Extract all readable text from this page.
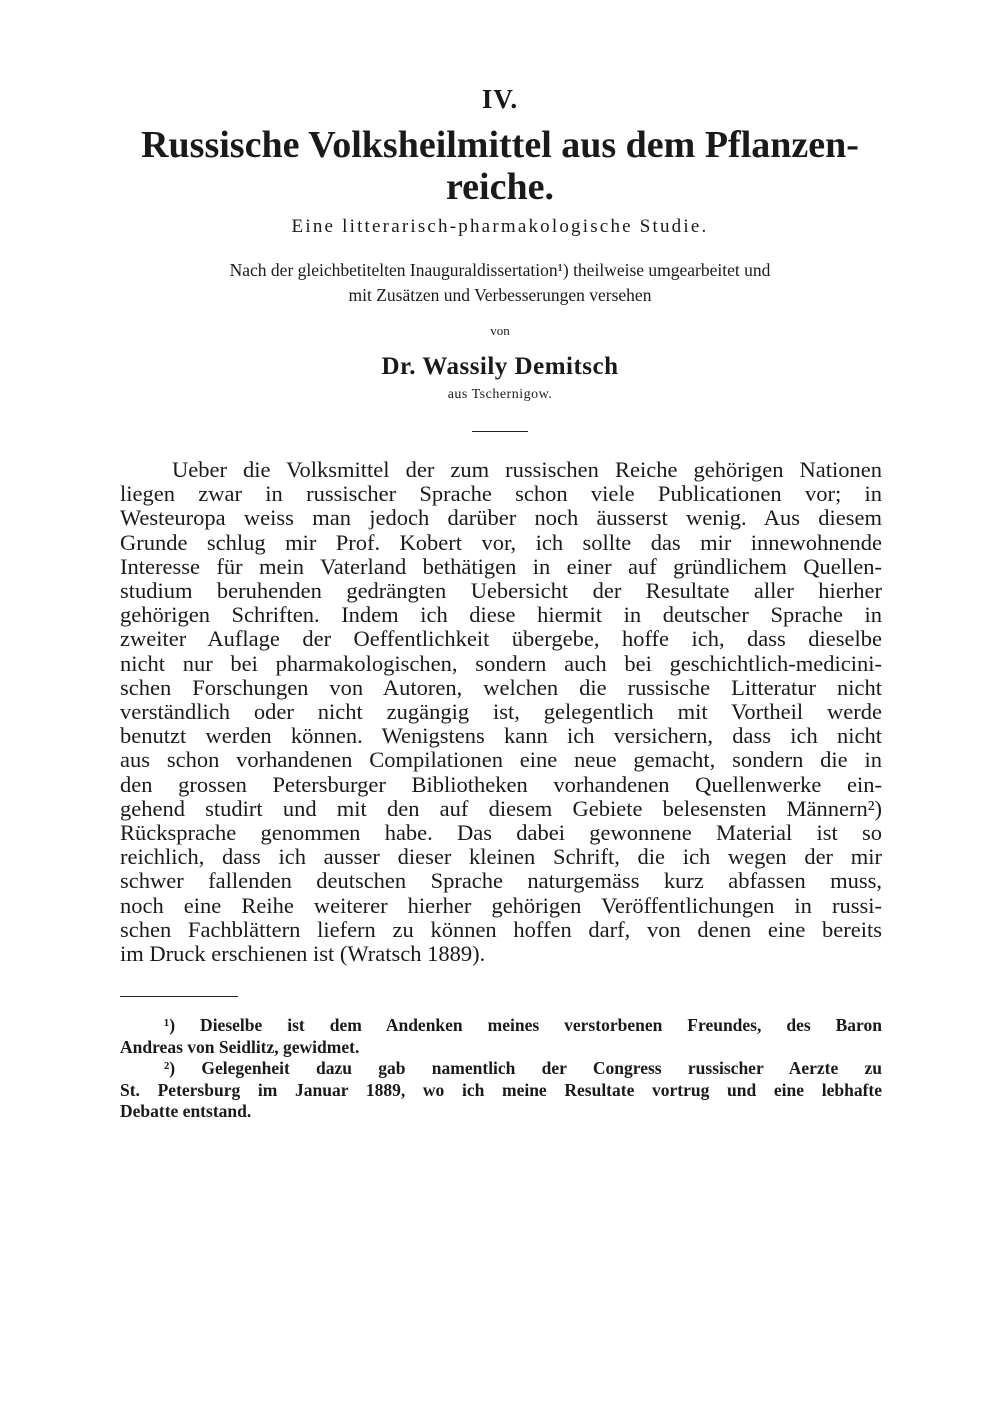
IV.
Russische Volksheilmittel aus dem Pflanzen-reiche.
Eine litterarisch-pharmakologische Studie.
Nach der gleichbetitelten Inauguraldissertation¹) theilweise umgearbeitet und
mit Zusätzen und Verbesserungen versehen
von
Dr. Wassily Demitsch
aus Tschernigow.
Ueber die Volksmittel der zum russischen Reiche gehörigen Nationen
liegen zwar in russischer Sprache schon viele Publicationen vor; in
Westeuropa weiss man jedoch darüber noch äusserst wenig. Aus diesem
Grunde schlug mir Prof. Kobert vor, ich sollte das mir innewohnende
Interesse für mein Vaterland bethätigen in einer auf gründlichem Quellen-
studium beruhenden gedrängten Uebersicht der Resultate aller hierher
gehörigen Schriften. Indem ich diese hiermit in deutscher Sprache in
zweiter Auflage der Oeffentlichkeit übergebe, hoffe ich, dass dieselbe
nicht nur bei pharmakologischen, sondern auch bei geschichtlich-medicini-
schen Forschungen von Autoren, welchen die russische Litteratur nicht
verständlich oder nicht zugängig ist, gelegentlich mit Vortheil werde
benutzt werden können. Wenigstens kann ich versichern, dass ich nicht
aus schon vorhandenen Compilationen eine neue gemacht, sondern die in
den grossen Petersburger Bibliotheken vorhandenen Quellenwerke ein-
gehend studirt und mit den auf diesem Gebiete belesensten Männern²)
Rücksprache genommen habe. Das dabei gewonnene Material ist so
reichlich, dass ich ausser dieser kleinen Schrift, die ich wegen der mir
schwer fallenden deutschen Sprache naturgemäss kurz abfassen muss,
noch eine Reihe weiterer hierher gehörigen Veröffentlichungen in russi-
schen Fachblättern liefern zu können hoffen darf, von denen eine bereits
im Druck erschienen ist (Wratsch 1889).
¹) Dieselbe ist dem Andenken meines verstorbenen Freundes, des Baron
Andreas von Seidlitz, gewidmet.
²) Gelegenheit dazu gab namentlich der Congress russischer Aerzte zu
St. Petersburg im Januar 1889, wo ich meine Resultate vortrug und eine lebhafte
Debatte entstand.
